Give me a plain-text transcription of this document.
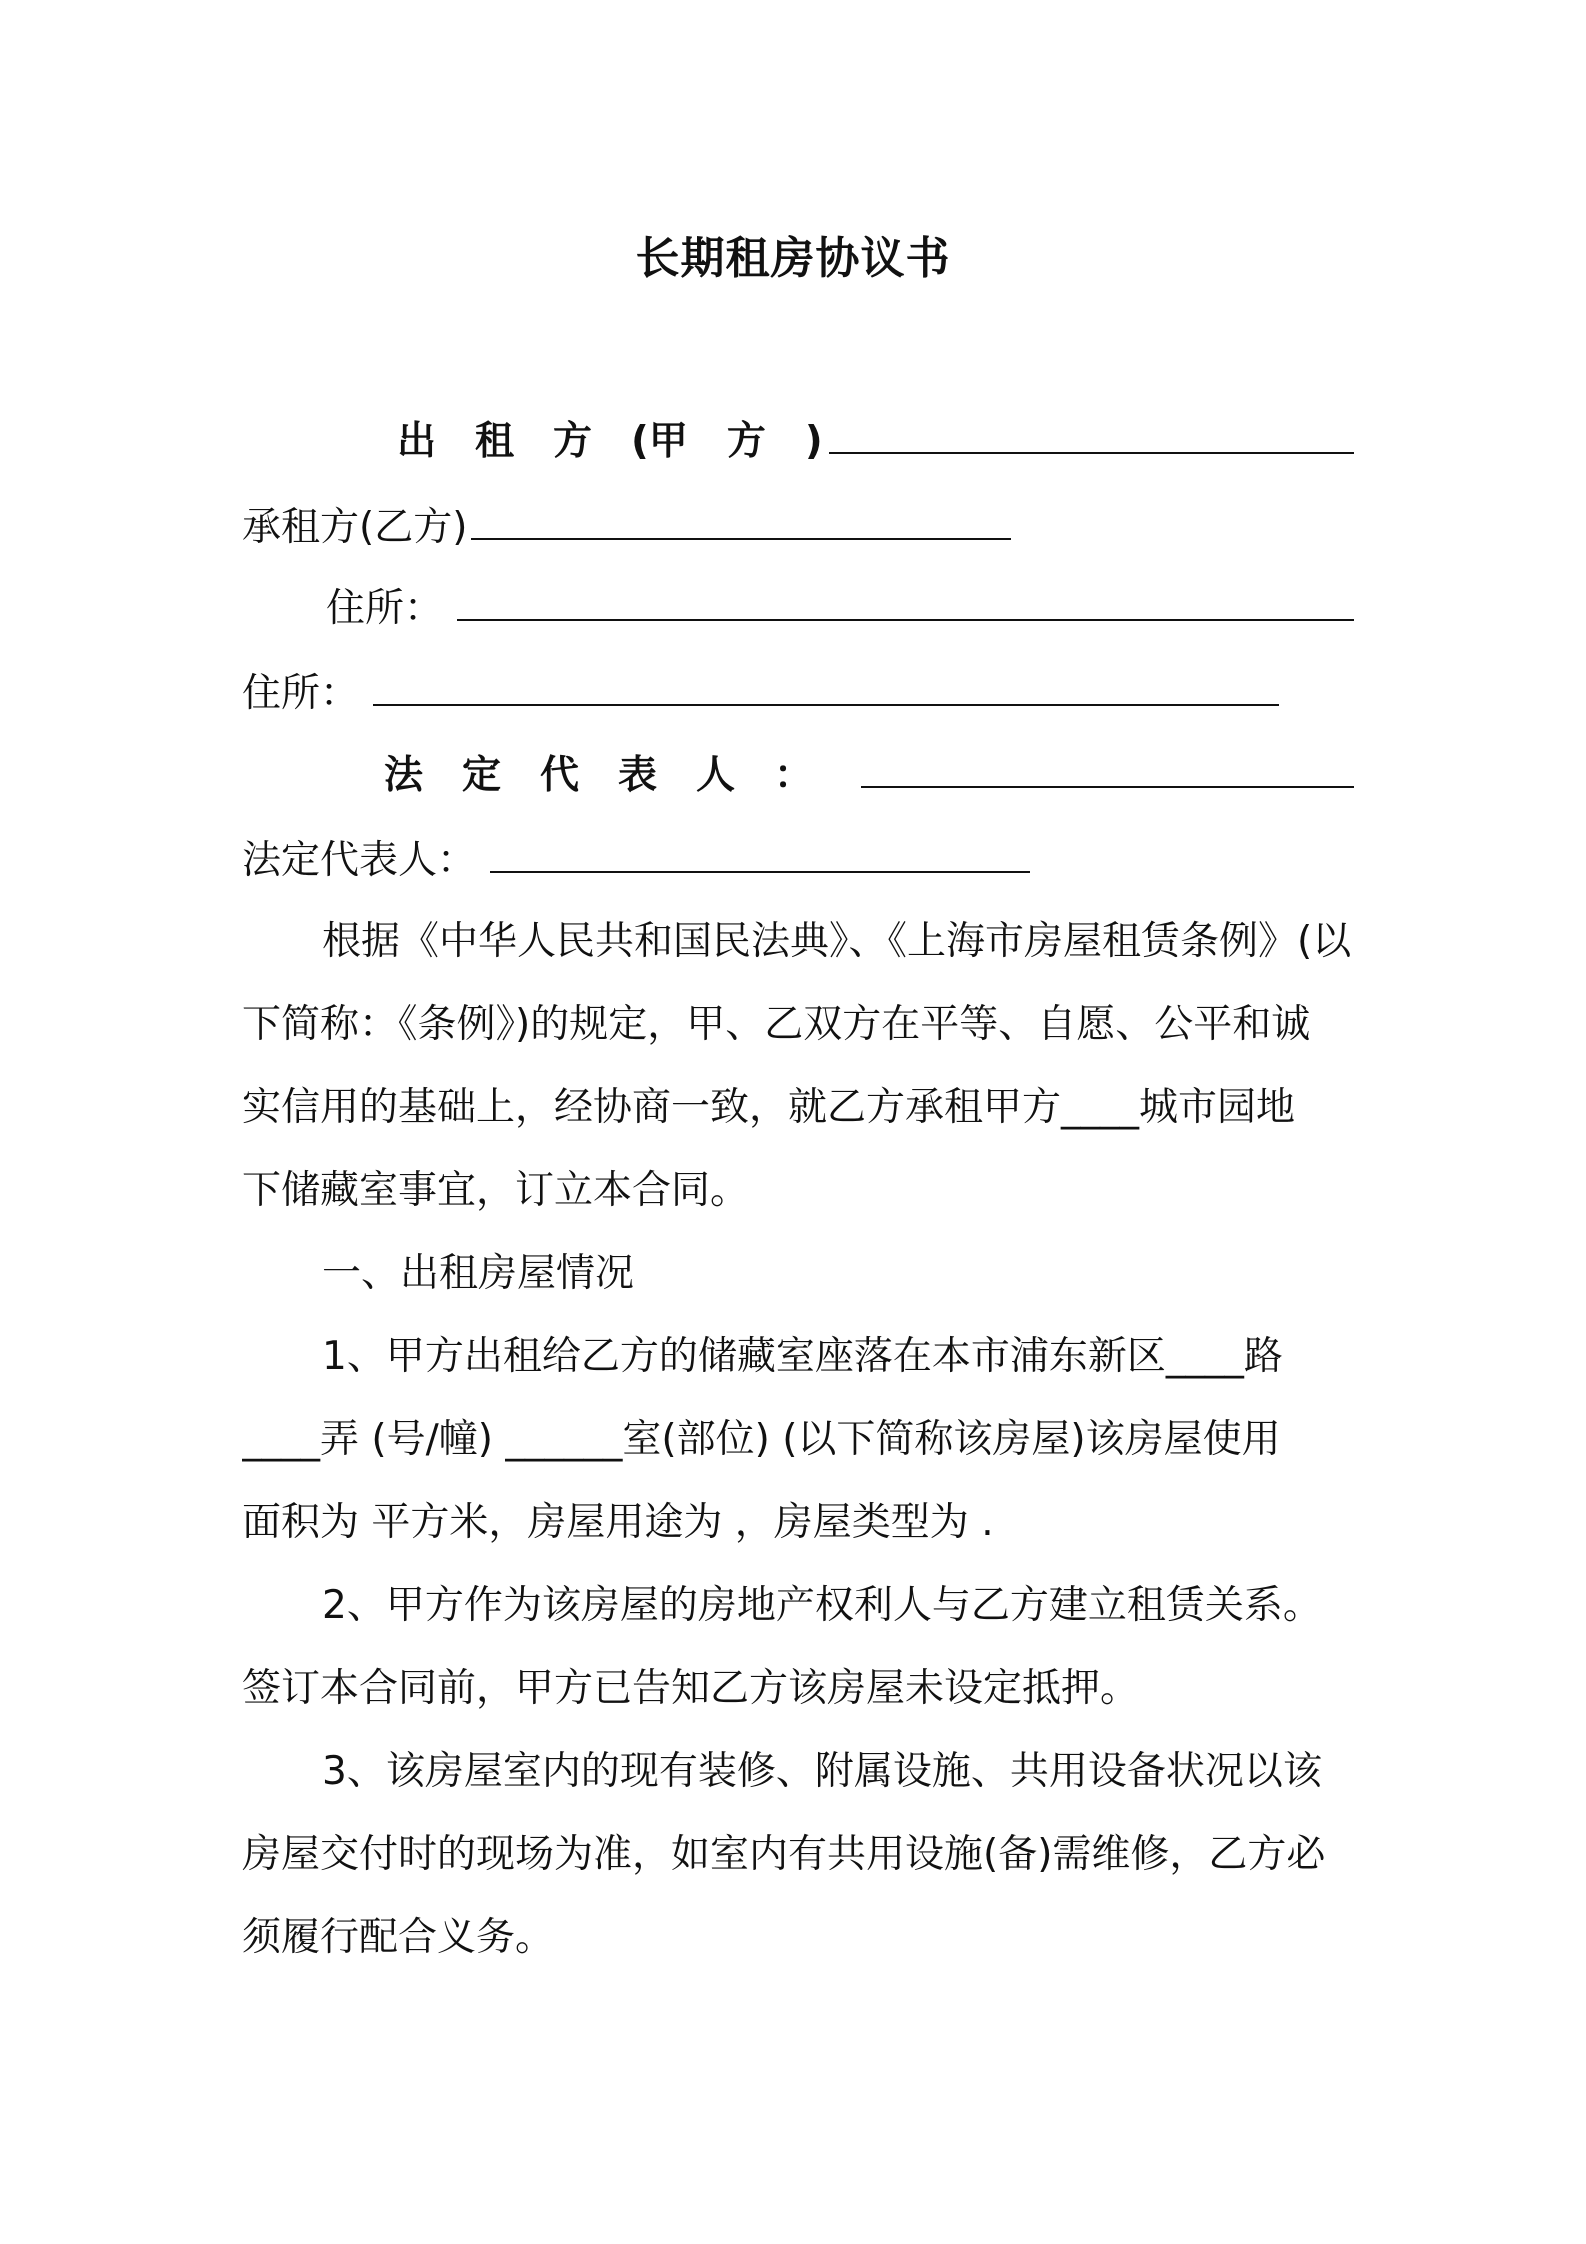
长期租房协议书
出　租　方　(甲　方　)
承租方(乙方)
住所：
住所：
法　定　代　表　人　：
法定代表人：
根据《中华人民共和国民法典》、《上海市房屋租赁条例》(以
下简称：《条例》)的规定，甲、乙双方在平等、自愿、公平和诚
实信用的基础上，经协商一致，就乙方承租甲方____城市园地
下储藏室事宜，订立本合同。
一、出租房屋情况
1、甲方出租给乙方的储藏室座落在本市浦东新区____路
____弄 (号/幢) ______室(部位) (以下简称该房屋)该房屋使用
面积为 平方米，房屋用途为 ，房屋类型为 .
2、甲方作为该房屋的房地产权利人与乙方建立租赁关系。
签订本合同前，甲方已告知乙方该房屋未设定抵押。
3、该房屋室内的现有装修、附属设施、共用设备状况以该
房屋交付时的现场为准，如室内有共用设施(备)需维修，乙方必
须履行配合义务。
